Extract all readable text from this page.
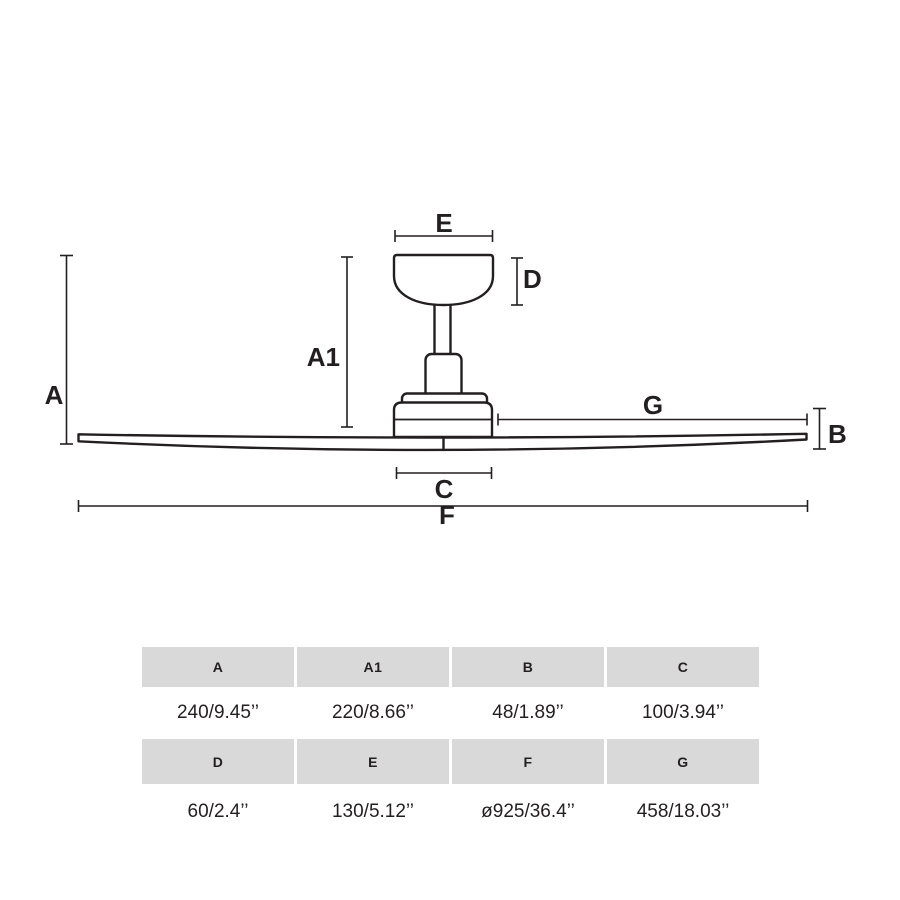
A
A1
E
D
G
B
C
F
A	A1	B	C
240/9.45’’	220/8.66’’	48/1.89’’	100/3.94’’
D	E	F	G
60/2.4’’	130/5.12’’	ø925/36.4’’	458/18.03’’
